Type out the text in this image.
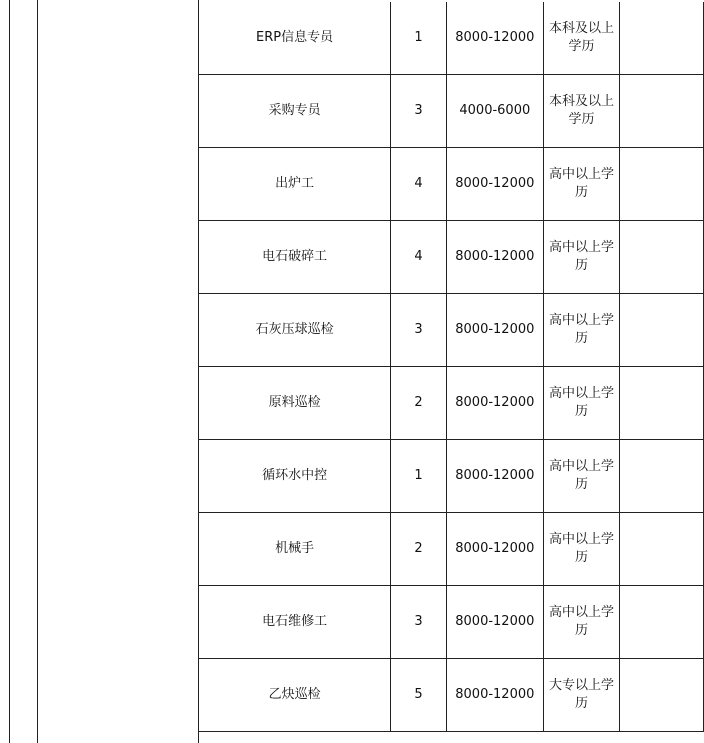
ERP信息专员	1	8000-12000	本科及以上学历	
采购专员	3	4000-6000	本科及以上学历	
出炉工	4	8000-12000	高中以上学历	
电石破碎工	4	8000-12000	高中以上学历	
石灰压球巡检	3	8000-12000	高中以上学历	
原料巡检	2	8000-12000	高中以上学历	
循环水中控	1	8000-12000	高中以上学历	
机械手	2	8000-12000	高中以上学历	
电石维修工	3	8000-12000	高中以上学历	
乙炔巡检	5	8000-12000	大专以上学历	
